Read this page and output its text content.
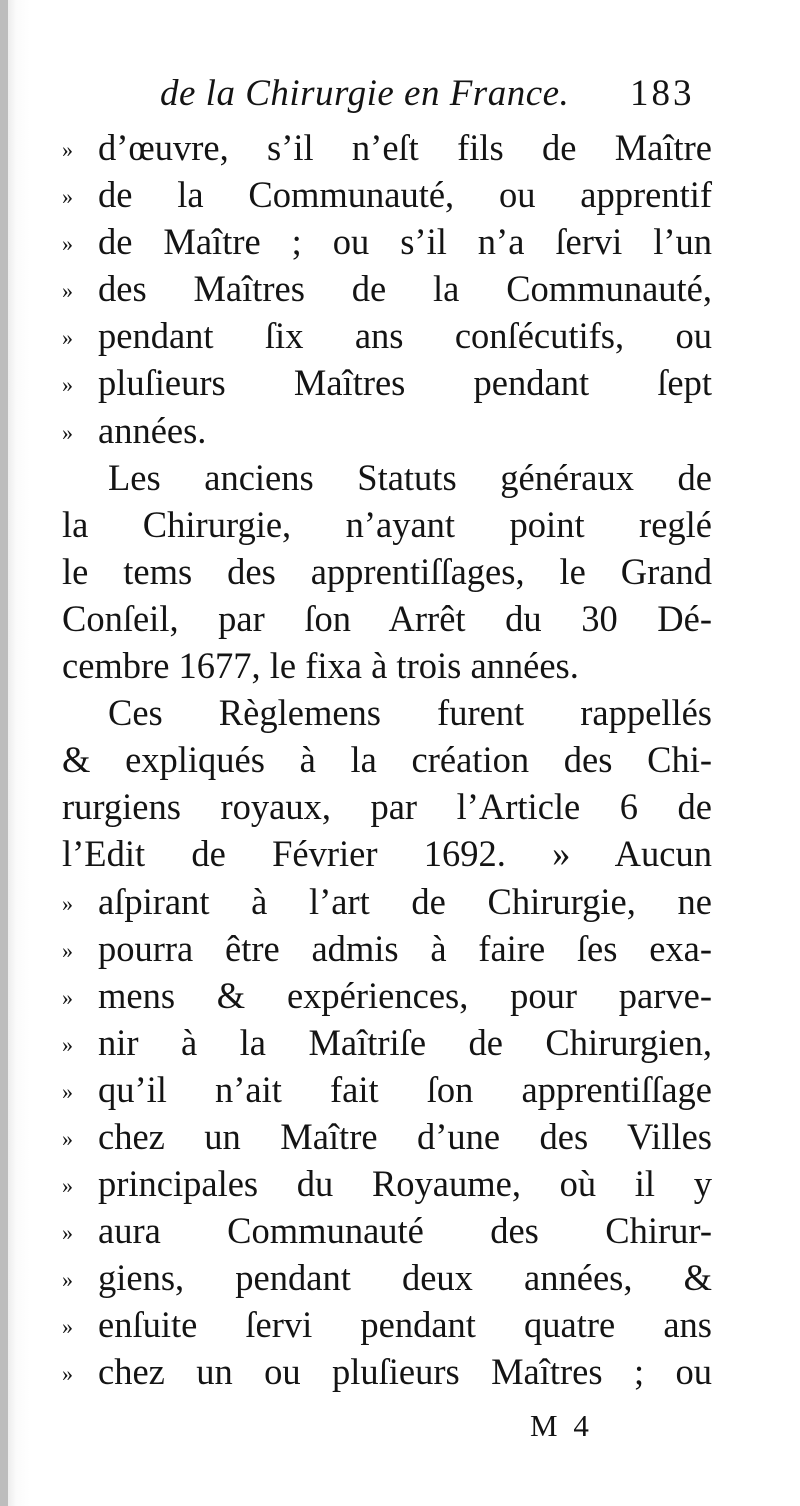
de la Chirurgie en France. 183
» d’œuvre, s’il n’eſt fils de Maître
» de la Communauté, ou apprentif
» de Maître ; ou s’il n’a ſervi l’un
» des Maîtres de la Communauté,
» pendant ſix ans conſécutifs, ou
» pluſieurs Maîtres pendant ſept
» années.
Les anciens Statuts généraux de
la Chirurgie, n’ayant point reglé
le tems des apprentiſſages, le Grand
Conſeil, par ſon Arrêt du 30 Dé-
cembre 1677, le fixa à trois années.
Ces Règlemens furent rappellés
& expliqués à la création des Chi-
rurgiens royaux, par l’Article 6 de
l’Edit de Février 1692. » Aucun
» aſpirant à l’art de Chirurgie, ne
» pourra être admis à faire ſes exa-
» mens & expériences, pour parve-
» nir à la Maîtriſe de Chirurgien,
» qu’il n’ait fait ſon apprentiſſage
» chez un Maître d’une des Villes
» principales du Royaume, où il y
» aura Communauté des Chirur-
» giens, pendant deux années, &
» enſuite ſervi pendant quatre ans
» chez un ou pluſieurs Maîtres ; ou
M 4
